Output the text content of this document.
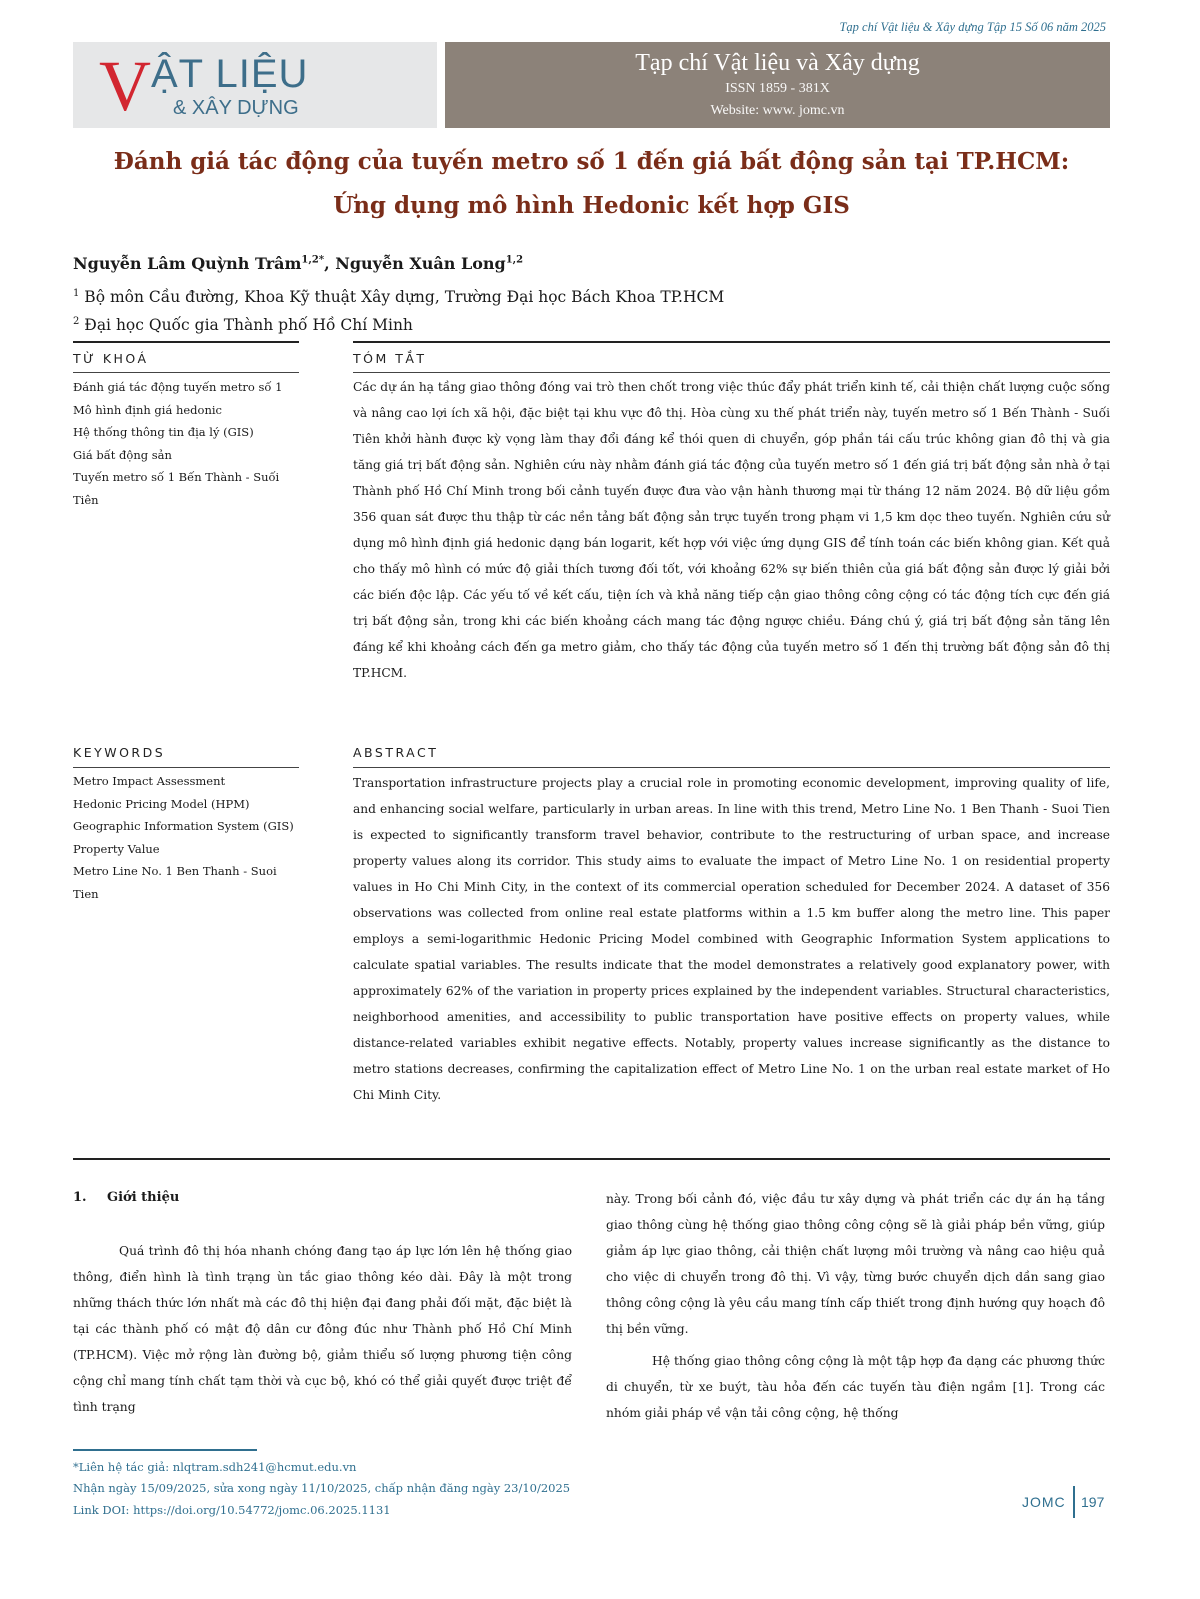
Tạp chí Vật liệu & Xây dựng Tập 15 Số 06 năm 2025
V ẬT LIỆU
& XÂY DỰNG
Tạp chí Vật liệu và Xây dựng
ISSN 1859 - 381X
Website: www. jomc.vn
Đánh giá tác động của tuyến metro số 1 đến giá bất động sản tại TP.HCM:
Ứng dụng mô hình Hedonic kết hợp GIS
Nguyễn Lâm Quỳnh Trâm$^{1,2*}$, Nguyễn Xuân Long$^{1,2}$
$^1$ Bộ môn Cầu đường, Khoa Kỹ thuật Xây dựng, Trường Đại học Bách Khoa TP.HCM
$^2$ Đại học Quốc gia Thành phố Hồ Chí Minh
TỪ KHOÁ	TÓM TẮT
Đánh giá tác động tuyến metro số 1
Mô hình định giá hedonic
Hệ thống thông tin địa lý (GIS)
Giá bất động sản
Tuyến metro số 1 Bến Thành - Suối Tiên
Các dự án hạ tầng giao thông đóng vai trò then chốt trong việc thúc đẩy phát triển kinh tế, cải thiện chất lượng cuộc sống và nâng cao lợi ích xã hội, đặc biệt tại khu vực đô thị. Hòa cùng xu thế phát triển này, tuyến metro số 1 Bến Thành - Suối Tiên khởi hành được kỳ vọng làm thay đổi đáng kể thói quen di chuyển, góp phần tái cấu trúc không gian đô thị và gia tăng giá trị bất động sản. Nghiên cứu này nhằm đánh giá tác động của tuyến metro số 1 đến giá trị bất động sản nhà ở tại Thành phố Hồ Chí Minh trong bối cảnh tuyến được đưa vào vận hành thương mại từ tháng 12 năm 2024. Bộ dữ liệu gồm 356 quan sát được thu thập từ các nền tảng bất động sản trực tuyến trong phạm vi 1,5 km dọc theo tuyến. Nghiên cứu sử dụng mô hình định giá hedonic dạng bán logarit, kết hợp với việc ứng dụng GIS để tính toán các biến không gian. Kết quả cho thấy mô hình có mức độ giải thích tương đối tốt, với khoảng 62% sự biến thiên của giá bất động sản được lý giải bởi các biến độc lập. Các yếu tố về kết cấu, tiện ích và khả năng tiếp cận giao thông công cộng có tác động tích cực đến giá trị bất động sản, trong khi các biến khoảng cách mang tác động ngược chiều. Đáng chú ý, giá trị bất động sản tăng lên đáng kể khi khoảng cách đến ga metro giảm, cho thấy tác động của tuyến metro số 1 đến thị trường bất động sản đô thị TP.HCM.
KEYWORDS	ABSTRACT
Metro Impact Assessment
Hedonic Pricing Model (HPM)
Geographic Information System (GIS)
Property Value
Metro Line No. 1 Ben Thanh - Suoi Tien
Transportation infrastructure projects play a crucial role in promoting economic development, improving quality of life, and enhancing social welfare, particularly in urban areas. In line with this trend, Metro Line No. 1 Ben Thanh - Suoi Tien is expected to significantly transform travel behavior, contribute to the restructuring of urban space, and increase property values along its corridor. This study aims to evaluate the impact of Metro Line No. 1 on residential property values in Ho Chi Minh City, in the context of its commercial operation scheduled for December 2024. A dataset of 356 observations was collected from online real estate platforms within a 1.5 km buffer along the metro line. This paper employs a semi-logarithmic Hedonic Pricing Model combined with Geographic Information System applications to calculate spatial variables. The results indicate that the model demonstrates a relatively good explanatory power, with approximately 62% of the variation in property prices explained by the independent variables. Structural characteristics, neighborhood amenities, and accessibility to public transportation have positive effects on property values, while distance-related variables exhibit negative effects. Notably, property values increase significantly as the distance to metro stations decreases, confirming the capitalization effect of Metro Line No. 1 on the urban real estate market of Ho Chi Minh City.
1. Giới thiệu

Quá trình đô thị hóa nhanh chóng đang tạo áp lực lớn lên hệ thống giao thông, điển hình là tình trạng ùn tắc giao thông kéo dài. Đây là một trong những thách thức lớn nhất mà các đô thị hiện đại đang phải đối mặt, đặc biệt là tại các thành phố có mật độ dân cư đông đúc như Thành phố Hồ Chí Minh (TP.HCM). Việc mở rộng làn đường bộ, giảm thiểu số lượng phương tiện công cộng chỉ mang tính chất tạm thời và cục bộ, khó có thể giải quyết được triệt để tình trạng

này. Trong bối cảnh đó, việc đầu tư xây dựng và phát triển các dự án hạ tầng giao thông cùng hệ thống giao thông công cộng sẽ là giải pháp bền vững, giúp giảm áp lực giao thông, cải thiện chất lượng môi trường và nâng cao hiệu quả cho việc di chuyển trong đô thị. Vì vậy, từng bước chuyển dịch dần sang giao thông công cộng là yêu cầu mang tính cấp thiết trong định hướng quy hoạch đô thị bền vững.

Hệ thống giao thông công cộng là một tập hợp đa dạng các phương thức di chuyển, từ xe buýt, tàu hỏa đến các tuyến tàu điện ngầm [1]. Trong các nhóm giải pháp về vận tải công cộng, hệ thống

*Liên hệ tác giả: nlqtram.sdh241@hcmut.edu.vn
Nhận ngày 15/09/2025, sửa xong ngày 11/10/2025, chấp nhận đăng ngày 23/10/2025
Link DOI: https://doi.org/10.54772/jomc.06.2025.1131	JOMC 197
